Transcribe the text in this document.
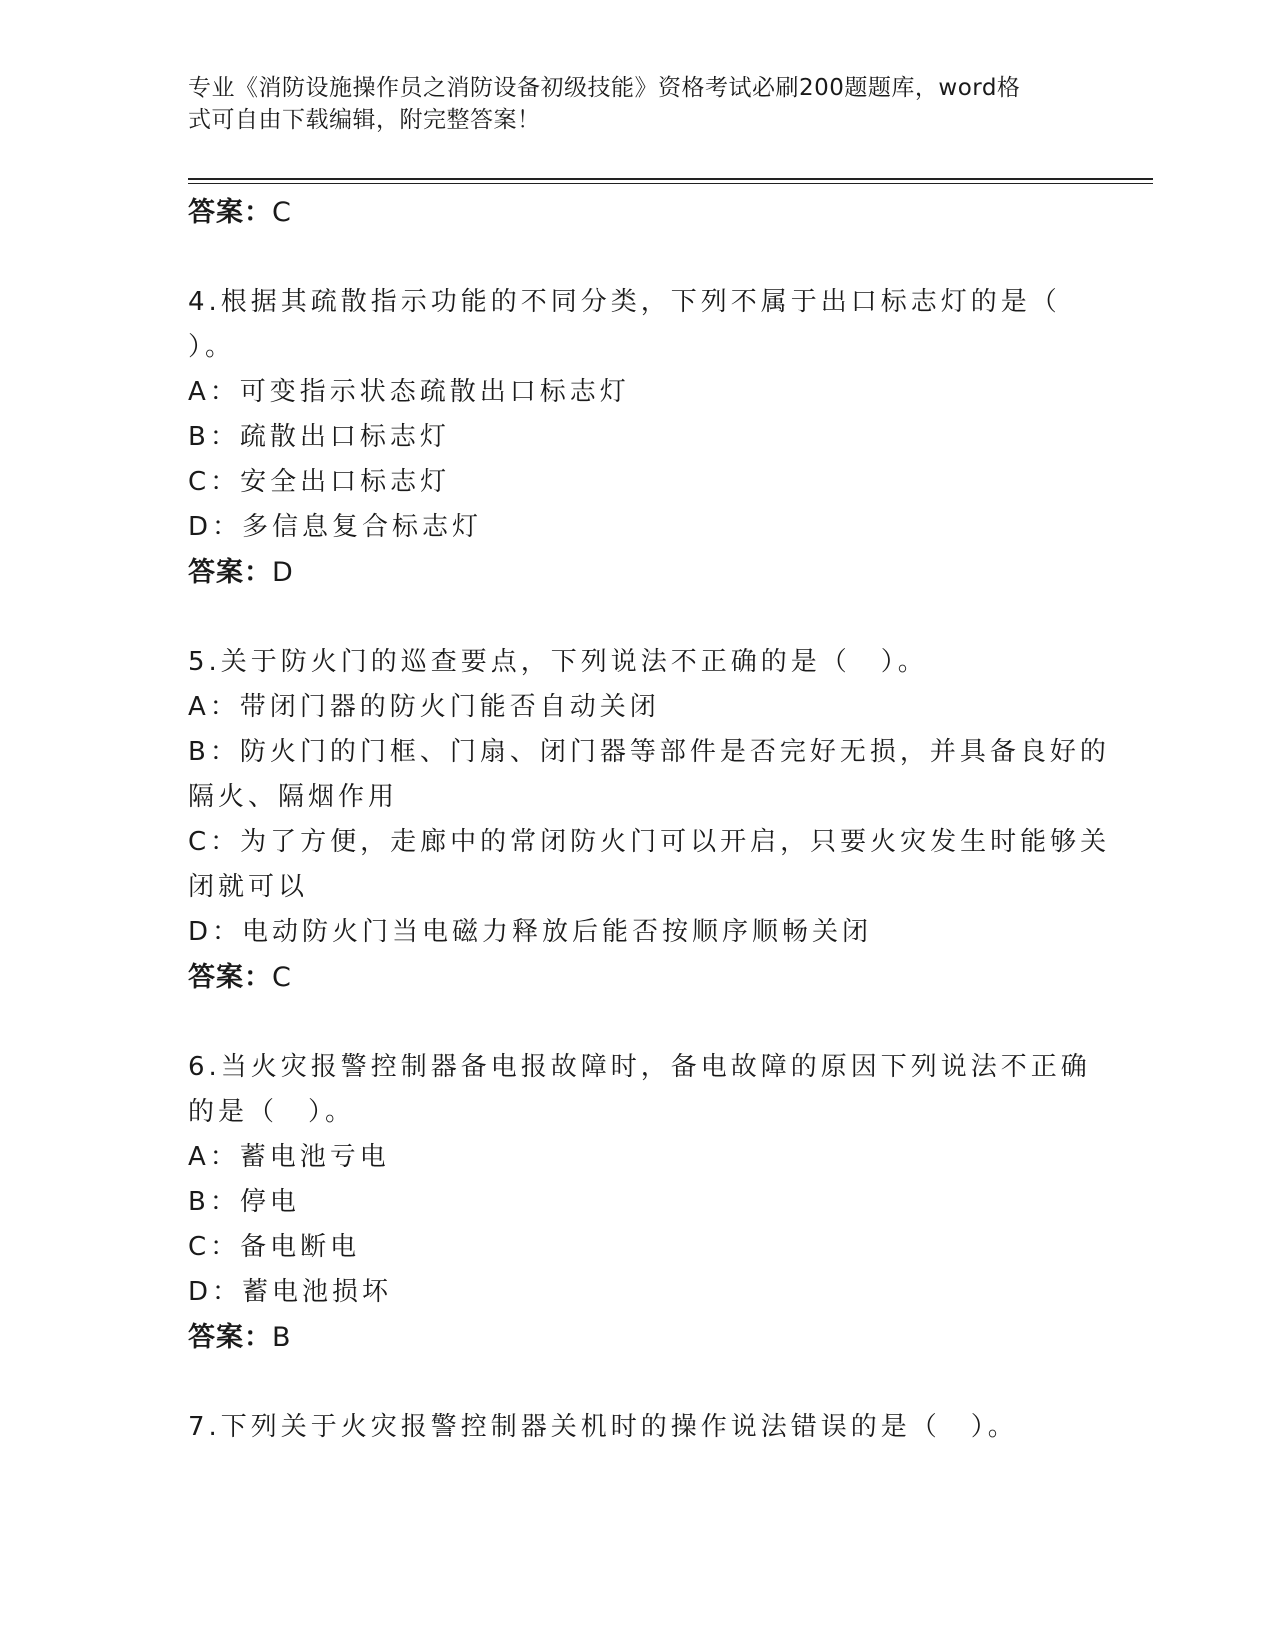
专业《消防设施操作员之消防设备初级技能》资格考试必刷200题题库，word格
式可自由下载编辑，附完整答案！
答案：C
4.根据其疏散指示功能的不同分类，下列不属于出口标志灯的是（
）。
A：可变指示状态疏散出口标志灯
B：疏散出口标志灯
C：安全出口标志灯
D：多信息复合标志灯
答案：D
5.关于防火门的巡查要点，下列说法不正确的是（　）。
A：带闭门器的防火门能否自动关闭
B：防火门的门框、门扇、闭门器等部件是否完好无损，并具备良好的
隔火、隔烟作用
C：为了方便，走廊中的常闭防火门可以开启，只要火灾发生时能够关
闭就可以
D：电动防火门当电磁力释放后能否按顺序顺畅关闭
答案：C
6.当火灾报警控制器备电报故障时，备电故障的原因下列说法不正确
的是（　）。
A：蓄电池亏电
B：停电
C：备电断电
D：蓄电池损坏
答案：B
7.下列关于火灾报警控制器关机时的操作说法错误的是（　）。
